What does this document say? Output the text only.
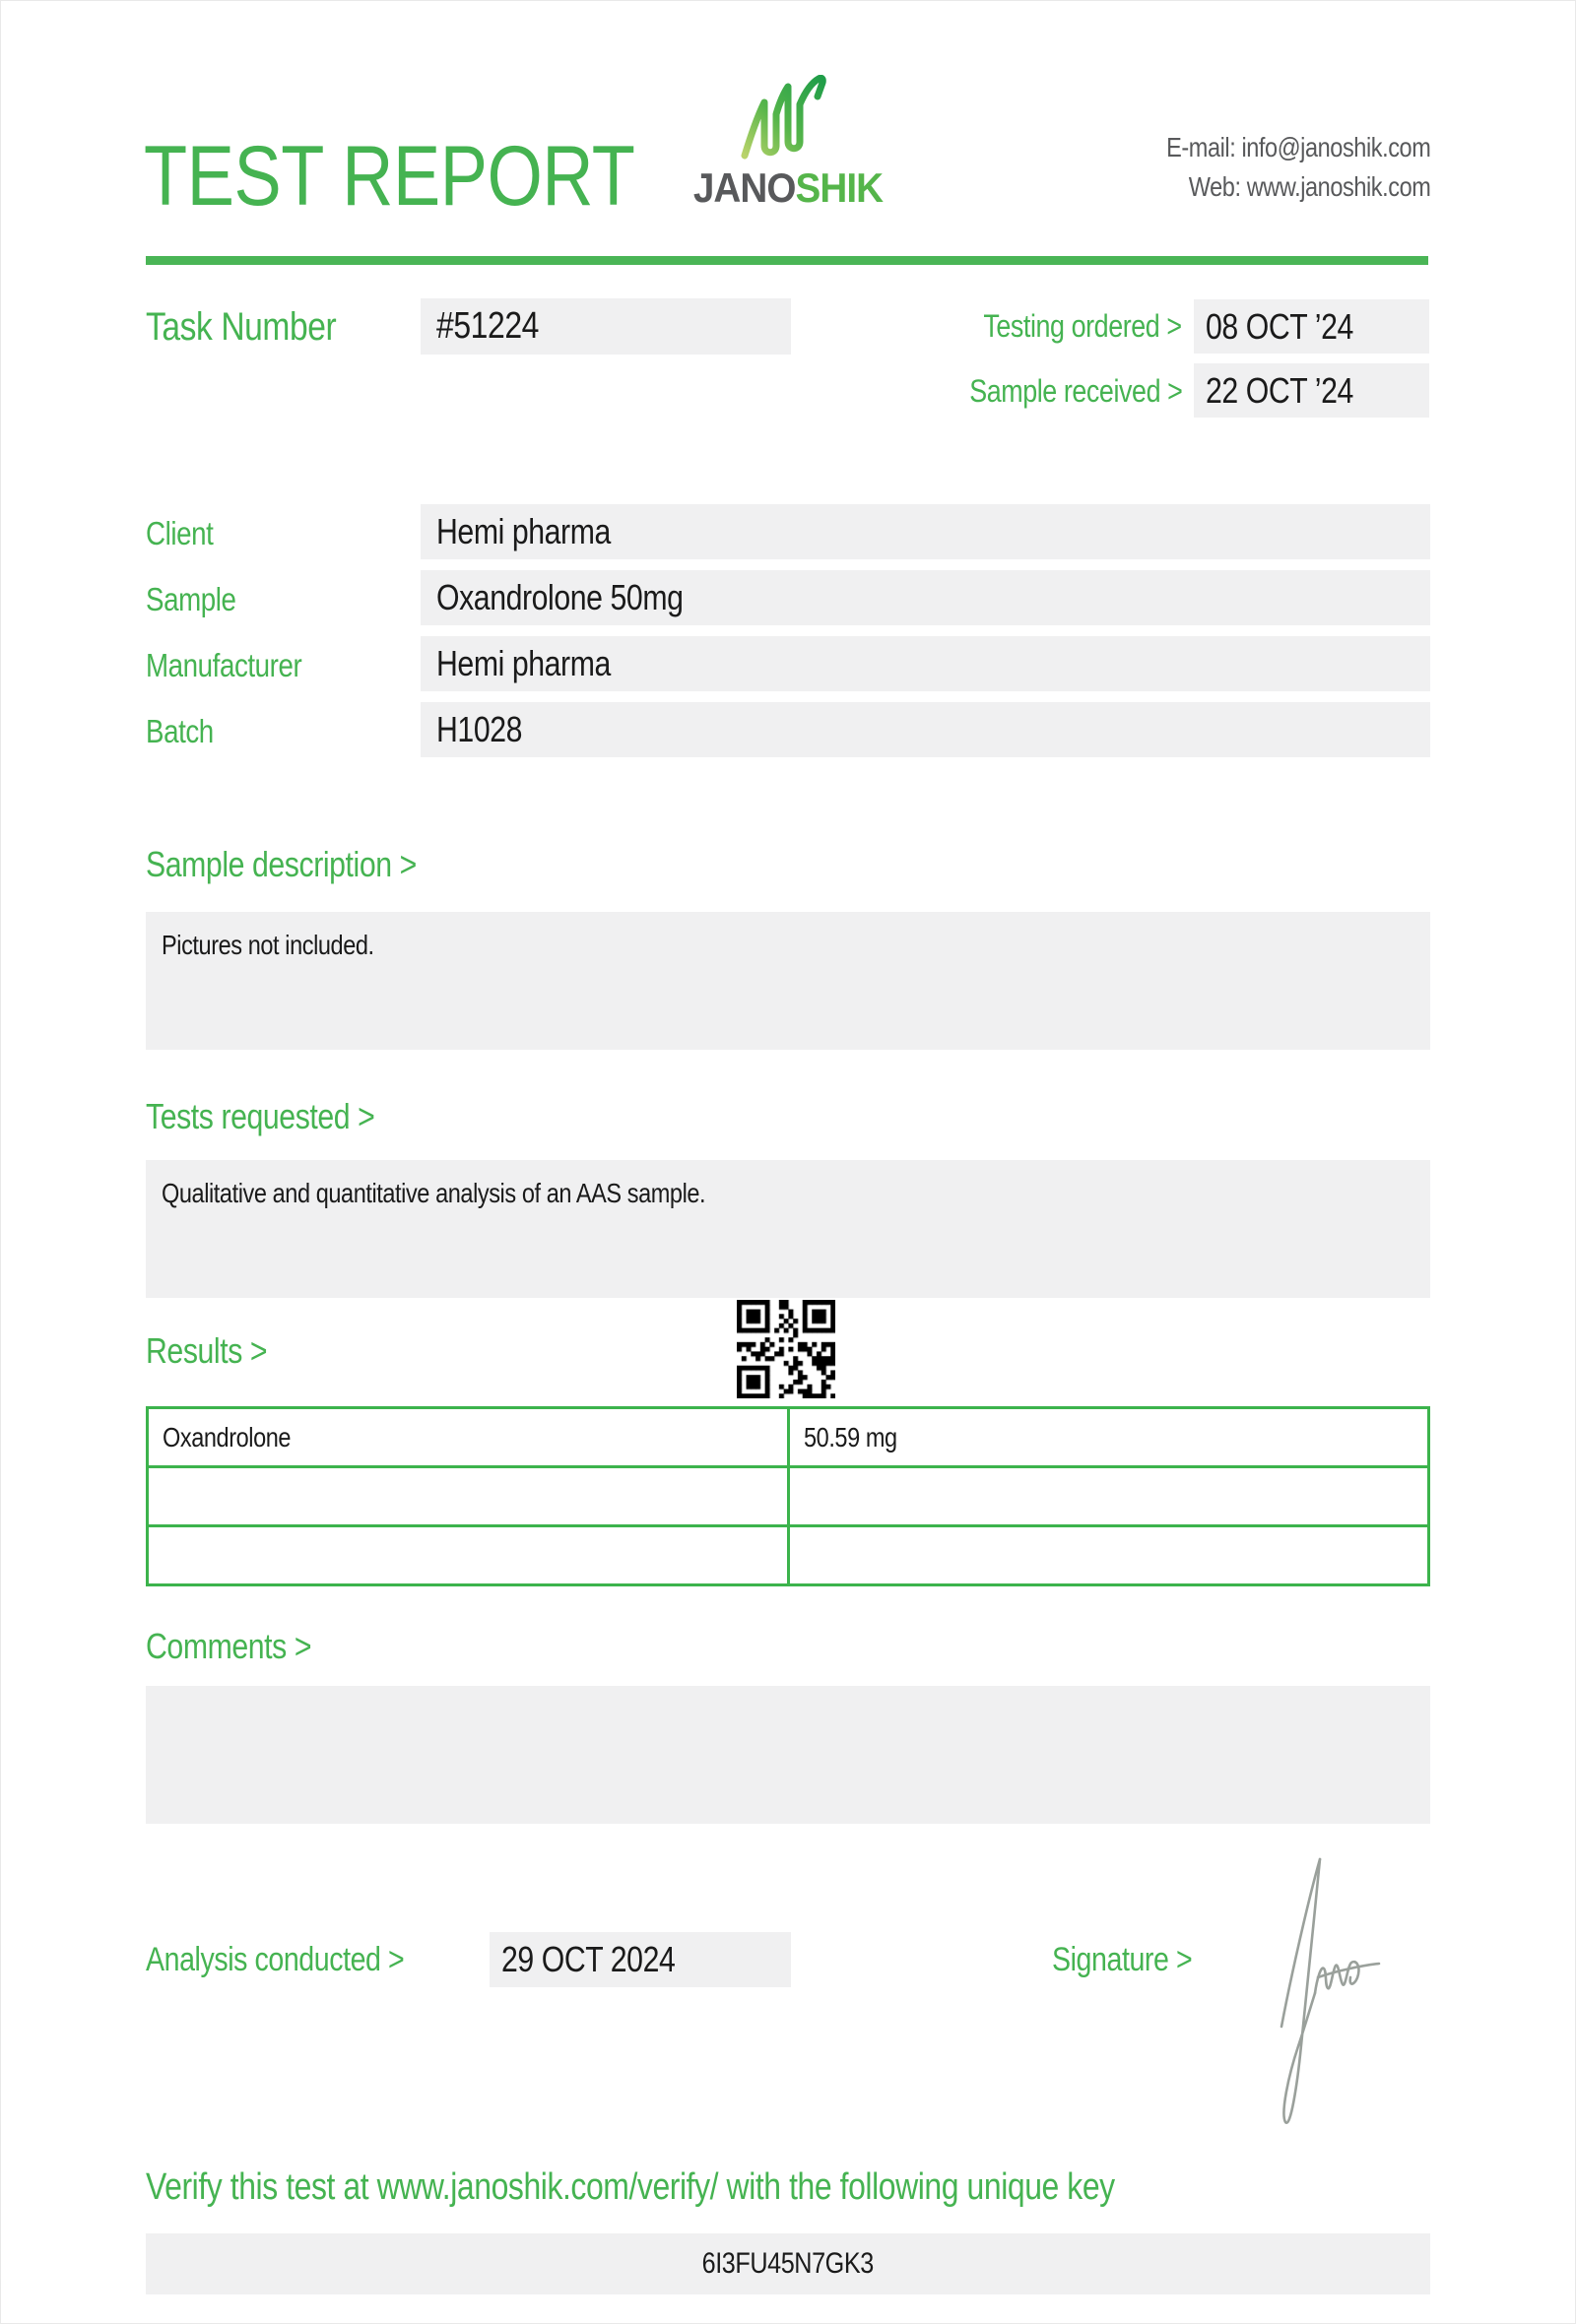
TEST REPORT	JANOSHIK
E-mail: info@janoshik.com
Web: www.janoshik.com
Task Number	#51224	Testing ordered > 08 OCT ’24
Sample received > 22 OCT ’24
Client	Hemi pharma
Sample	Oxandrolone 50mg
Manufacturer	Hemi pharma
Batch	H1028
Sample description >
Pictures not included.
Tests requested >
Qualitative and quantitative analysis of an AAS sample.
Results >
Oxandrolone	50.59 mg

Comments >
Analysis conducted >	29 OCT 2024	Signature >
Verify this test at www.janoshik.com/verify/ with the following unique key
6I3FU45N7GK3
